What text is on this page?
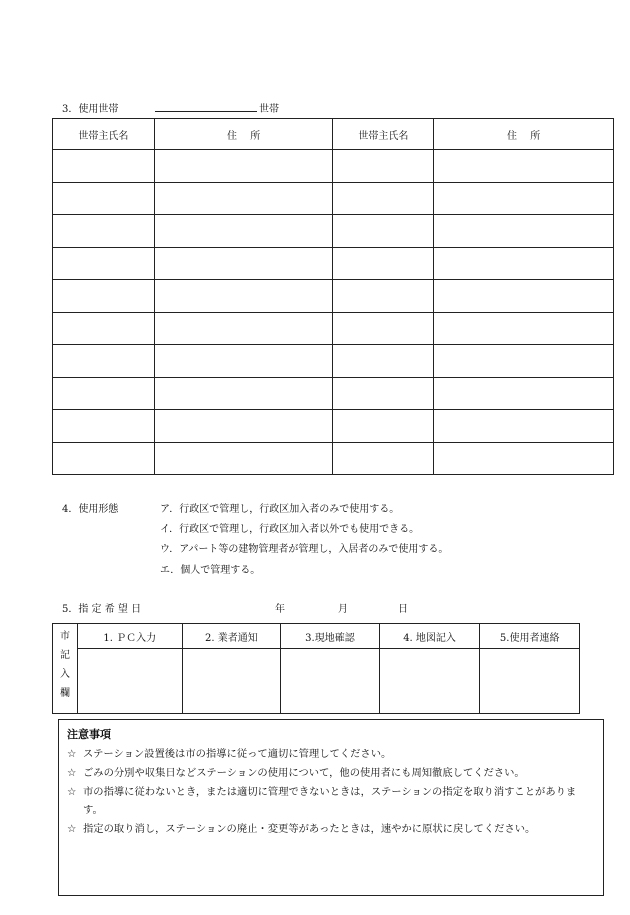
3．使用世帯	世帯
世帯主氏名	住　 所	世帯主氏名	住　 所

4．使用形態	ア．行政区で管理し，行政区加入者のみで使用する。
イ．行政区で管理し，行政区加入者以外でも使用できる。
ウ．アパート等の建物管理者が管理し，入居者のみで使用する。
エ．個人で管理する。
5．指 定 希 望 日	年	月	日
市
記
入
欄	1. ＰＣ入力	2. 業者通知	3.現地確認	4. 地図記入	5.使用者連絡

注意事項
☆ ステーション設置後は市の指導に従って適切に管理してください。
☆ ごみの分別や収集日などステーションの使用について，他の使用者にも周知徹底してください。
☆ 市の指導に従わないとき，または適切に管理できないときは，ステーションの指定を取り消すことがあります。
☆ 指定の取り消し，ステーションの廃止・変更等があったときは，速やかに原状に戻してください。
